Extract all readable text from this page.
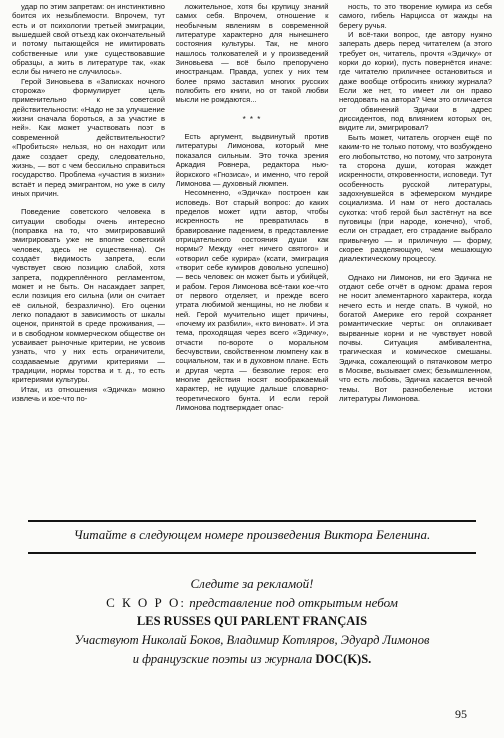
удар по этим запретам: он инстинктивно боится их незыблемости. Впрочем, тут есть и от психологии третьей эмиграции, вышедшей свой отъезд как окончательный и потому пытающейся не имитировать собственные или уже существовавшие образцы, а жить в литературе так, «как если бы ничего не случилось».

Герой Зиновьева в «Записках ночного сторожа» формулирует цель применительно к советской действительности: «Надо не за улучшение жизни сначала бороться, а за участие в ней». Как может участвовать поэт в современной действительности? «Пробиться» нельзя, но он находит или даже создает среду, следовательно, жизнь, — вот с чем бессильно справиться государство. Проблема «участия в жизни» встаёт и перед эмигрантом, но уже в силу иных причин.

Поведение советского человека в ситуации свободы очень интересно (поправка на то, что эмигрировавший эмигрировать уже не вполне советский человек, здесь не существенна). Он создаёт видимость запрета, если чувствует свою позицию слабой, хотя запрета, подкреплённого регламентом, может и не быть. Он насаждает запрет, если позиция его сильна (или он считает её сильной, безразлично). Его оценки легко попадают в зависимость от шкалы оценок, принятой в среде проживания, — и в свободном коммерческом обществе он усваивает рыночные критерии, не усвоив узнать, что у них есть ограничители, создаваемые другими критериями — традиции, нормы торства и т. д., то есть критериями культуры.

Итак, из отношения «Эдичка» можно извлечь и кое-что по-

ложительное, хотя бы крупицу знаний самих себя. Впрочем, отношение к необычным явлениям в современной литературе характерно для нынешнего состояния культуры. Так, не много нашлось толкователей и у произведений Зиновьева — всё было препоручено иностранцам. Правда, успех у них тем более прямо заставил многих русских полюбить его книги, но от такой любви мысли не рождаются...

* * *

Есть аргумент, выдвинутый против литературы Лимонова, который мне показался сильным. Это точка зрения Аркадия Ровнера, редактора нью-йоркского «Гнозиса», и именно, что герой Лимонова — духовный люмпен.

Несомненно, «Эдичка» построен как исповедь. Вот старый вопрос: до каких пределов может идти автор, чтобы искренность не превратилась в бравирование падением, в представление отрицательного состояния души как нормы? Между «нет ничего святого» и «отворил себе курира» (ксати, эмиграция «творит себе кумиров довольно успешно) — весь человек: он может быть и убийцей, и рабом. Героя Лимонова всё-таки кое-что от первого отделяет, и прежде всего утрата любимой женщины, но не любви к ней. Герой мучительно ищет причины, «почему их разбили», «кто виноват». И эта тема, проходящая через всего «Эдичку», отчасти по-вороте о моральном бесчувствии, свойственном люмпену как в социальном, так и в духовном плане. Есть и другая черта — безволие героя: его многие действия носят воображаемый характер, не идущие дальше словарно-теоретического бунта. И если герой Лимонова подтверждает опас-

ность, то это творение кумира из себя самого, гибель Нарцисса от жажды на берегу ручья.

И всё-таки вопрос, где автору нужно заперать дверь перед читателем (а этого требует он, читатель, прочтя «Эдичку» от корки до корки), пусть повернётся иначе: где читателю приличнее остановиться и даже вообще отбросить книжку журнала? Если же нет, то имеет ли он право негодовать на автора? Чем это отличается от обвинений Эдички в адрес диссидентов, под влиянием которых он, видите ли, эмигрировал?

Быть может, читатель огорчен ещё по каким-то не только потому, что возбуждено его любопытство, но потому, что затронута та сторона души, которая жаждет искренности, откровенности, исповеди. Тут особенность русской литературы, задохнувшейся в эфемерском мундире социализма. И нам от него досталась сукотка: чтоб герой был застёгнут на все пуговицы (при народе, конечно), чтоб, если он страдает, его страдание выбрало привычную — и приличную — форму, скорее разделяющую, чем мешающую диалектическому процессу.

Однако ни Лимонов, ни его Эдичка не отдают себе отчёт в одном: драма героя не носит элементарного характера, когда нечего есть и негде спать. В чужой, но богатой Америке его герой сохраняет романтические черты: он оплакивает вырванные корни и не чувствует новой почвы. Ситуация амбивалентна, трагическая и комическое смешаны. Эдичка, сожалеющий о пятачковом метро в Москве, вызывает смех; безымшленном, что есть любовь, Эдичка касается вечной темы. Вот разнобеленые истоки литературы Лимонова.

Читайте в следующем номере произведения Виктора Беленина.
Следите за рекламой!
С К О Р О: представление под открытым небом
LES RUSSES QUI PARLENT FRANÇAIS
Участвуют Николай Боков, Владимир Котляров, Эдуард Лимонов
и французские поэты из журнала DOC(K)S.
95
